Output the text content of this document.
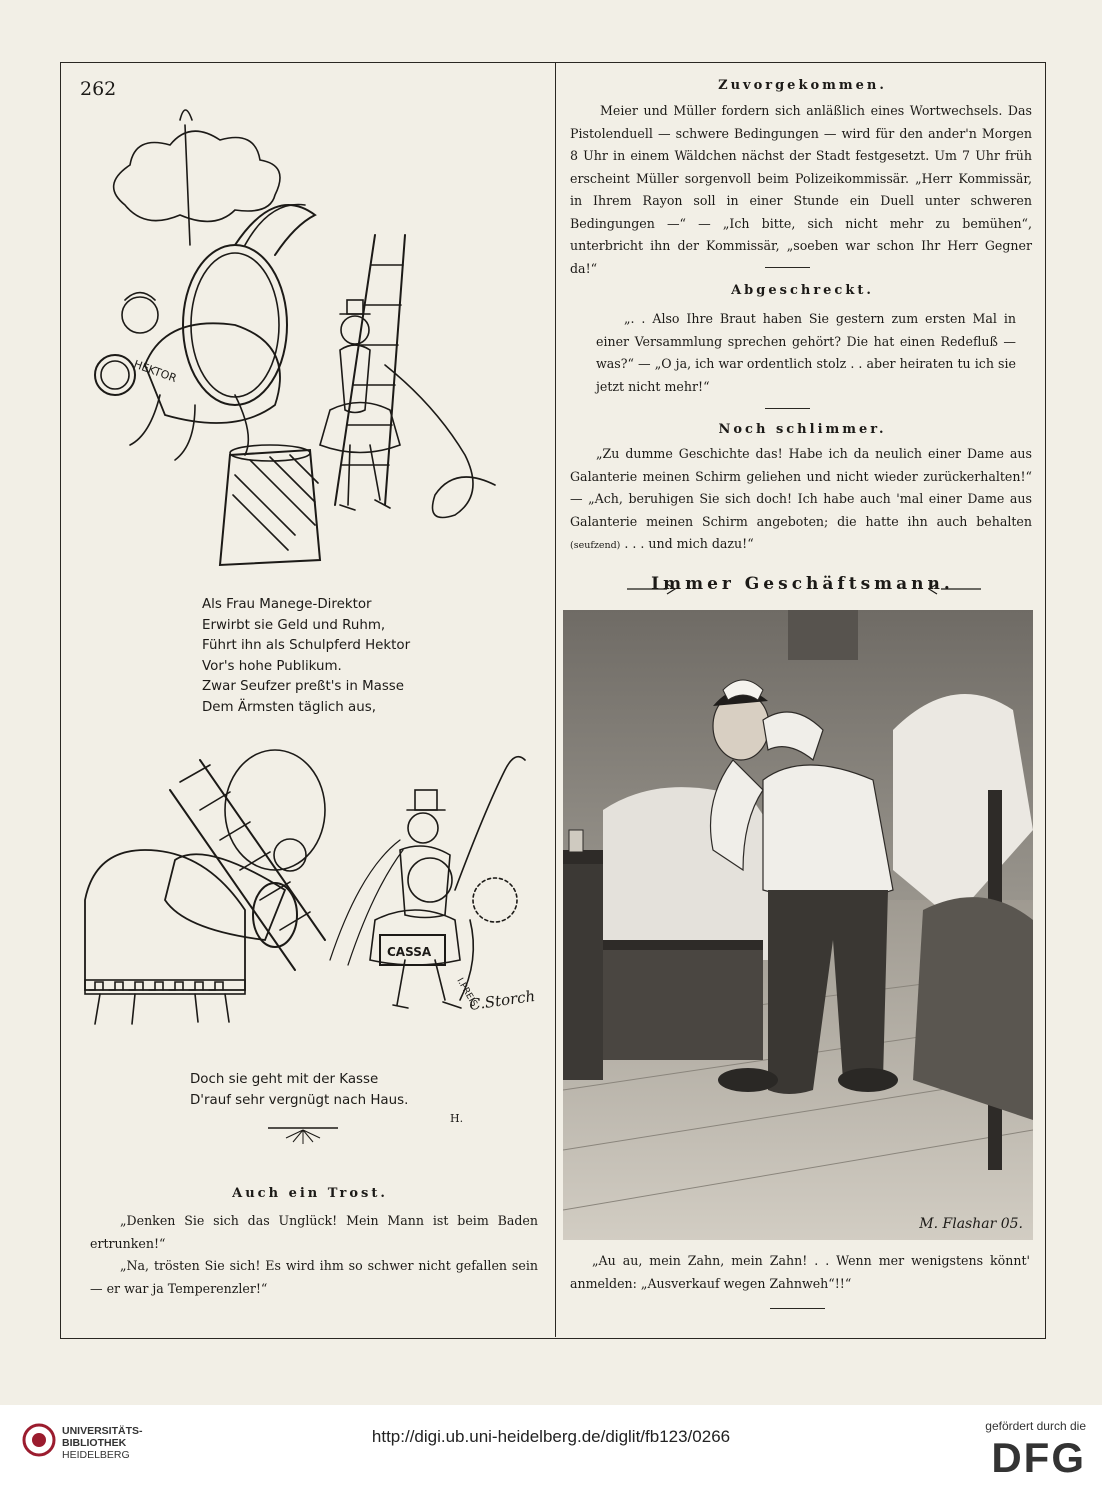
262
HEKTOR
Als Frau Manege-Direktor
Erwirbt sie Geld und Ruhm,
Führt ihn als Schulpferd Hektor
Vor's hohe Publikum.
Zwar Seufzer preßt's in Masse
Dem Ärmsten täglich aus,
CASSA
I.PREIS
C.Storch
Doch sie geht mit der Kasse
D'rauf sehr vergnügt nach Haus.
H.
Auch ein Trost.

„Denken Sie sich das Unglück! Mein Mann ist beim Baden ertrunken!“

„Na, trösten Sie sich! Es wird ihm so schwer nicht gefallen sein — er war ja Temperenzler!“

Zuvorgekommen.

Meier und Müller fordern sich anläßlich eines Wortwechsels. Das Pistolenduell — schwere Bedingungen — wird für den ander'n Morgen 8 Uhr in einem Wäldchen nächst der Stadt festgesetzt. Um 7 Uhr früh erscheint Müller sorgenvoll beim Polizeikommissär. „Herr Kommissär, in Ihrem Rayon soll in einer Stunde ein Duell unter schweren Bedingungen —“ — „Ich bitte, sich nicht mehr zu bemühen“, unterbricht ihn der Kommissär, „soeben war schon Ihr Herr Gegner da!“

Abgeschreckt.

„. . Also Ihre Braut haben Sie gestern zum ersten Mal in einer Versammlung sprechen gehört? Die hat einen Redefluß — was?“ — „O ja, ich war ordentlich stolz . . aber heiraten tu ich sie jetzt nicht mehr!“

Noch schlimmer.

„Zu dumme Geschichte das! Habe ich da neulich einer Dame aus Galanterie meinen Schirm geliehen und nicht wieder zurückerhalten!“ — „Ach, beruhigen Sie sich doch! Ich habe auch 'mal einer Dame aus Galanterie meinen Schirm angeboten; die hatte ihn auch behalten (seufzend) . . . und mich dazu!“

Immer Geschäftsmann.
M. Flashar 05.

„Au au, mein Zahn, mein Zahn! . . Wenn mer wenigstens könnt' anmelden: „Ausverkauf wegen Zahnweh“!!“

UNIVERSITÄTS-
BIBLIOTHEK
HEIDELBERG
http://digi.ub.uni-heidelberg.de/diglit/fb123/0266
gefördert durch die
DFG
